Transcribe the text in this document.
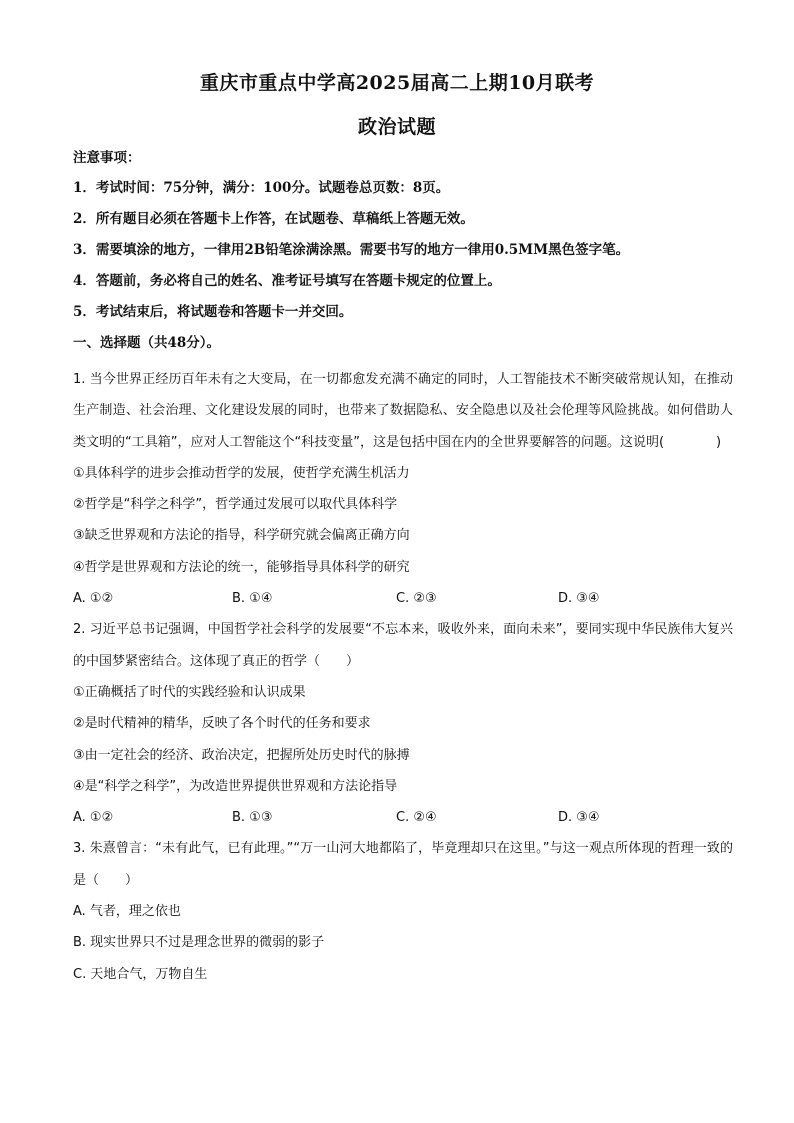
重庆市重点中学高2025届高二上期10月联考
政治试题
注意事项：
1．考试时间：75分钟，满分：100分。试题卷总页数：8页。
2．所有题目必须在答题卡上作答，在试题卷、草稿纸上答题无效。
3．需要填涂的地方，一律用2B铅笔涂满涂黑。需要书写的地方一律用0.5MM黑色签字笔。
4．答题前，务必将自己的姓名、准考证号填写在答题卡规定的位置上。
5．考试结束后，将试题卷和答题卡一并交回。
一、选择题（共48分）。
1. 当今世界正经历百年未有之大变局，在一切都愈发充满不确定的同时，人工智能技术不断突破常规认知，在推动生产制造、社会治理、文化建设发展的同时，也带来了数据隐私、安全隐患以及社会伦理等风险挑战。如何借助人类文明的“工具箱”，应对人工智能这个“科技变量”，这是包括中国在内的全世界要解答的问题。这说明(　　　　)
①具体科学的进步会推动哲学的发展，使哲学充满生机活力
②哲学是“科学之科学”，哲学通过发展可以取代具体科学
③缺乏世界观和方法论的指导，科学研究就会偏离正确方向
④哲学是世界观和方法论的统一，能够指导具体科学的研究
A. ①②	B. ①④	C. ②③	D. ③④
2. 习近平总书记强调，中国哲学社会科学的发展要“不忘本来，吸收外来，面向未来”，要同实现中华民族伟大复兴的中国梦紧密结合。这体现了真正的哲学（　　）
①正确概括了时代的实践经验和认识成果
②是时代精神的精华，反映了各个时代的任务和要求
③由一定社会的经济、政治决定，把握所处历史时代的脉搏
④是“科学之科学”，为改造世界提供世界观和方法论指导
A. ①②	B. ①③	C. ②④	D. ③④
3. 朱熹曾言：“未有此气，已有此理。”“万一山河大地都陷了，毕竟理却只在这里。”与这一观点所体现的哲理一致的是（　　）
A. 气者，理之依也
B. 现实世界只不过是理念世界的微弱的影子
C. 天地合气，万物自生
